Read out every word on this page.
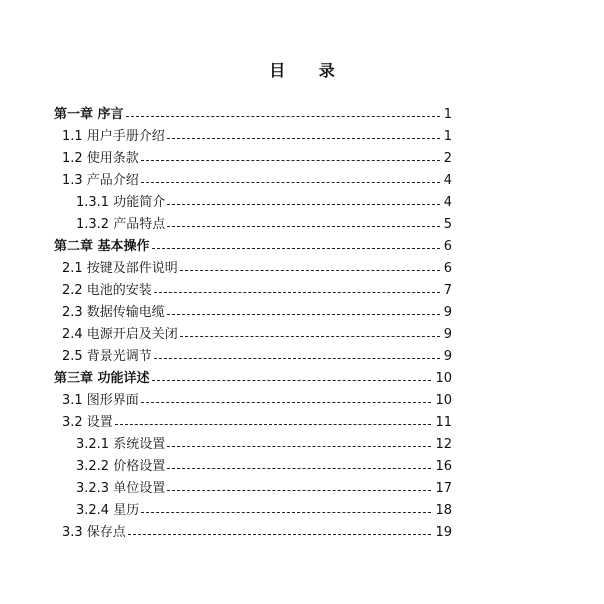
目 录
第一章 序言	1
1.1 用户手册介绍	1
1.2 使用条款	2
1.3 产品介绍	4
1.3.1 功能简介	4
1.3.2 产品特点	5
第二章 基本操作	6
2.1 按键及部件说明	6
2.2 电池的安装	7
2.3 数据传输电缆	9
2.4 电源开启及关闭	9
2.5 背景光调节	9
第三章 功能详述	10
3.1 图形界面	10
3.2 设置	11
3.2.1 系统设置	12
3.2.2 价格设置	16
3.2.3 单位设置	17
3.2.4 星历	18
3.3 保存点	19
